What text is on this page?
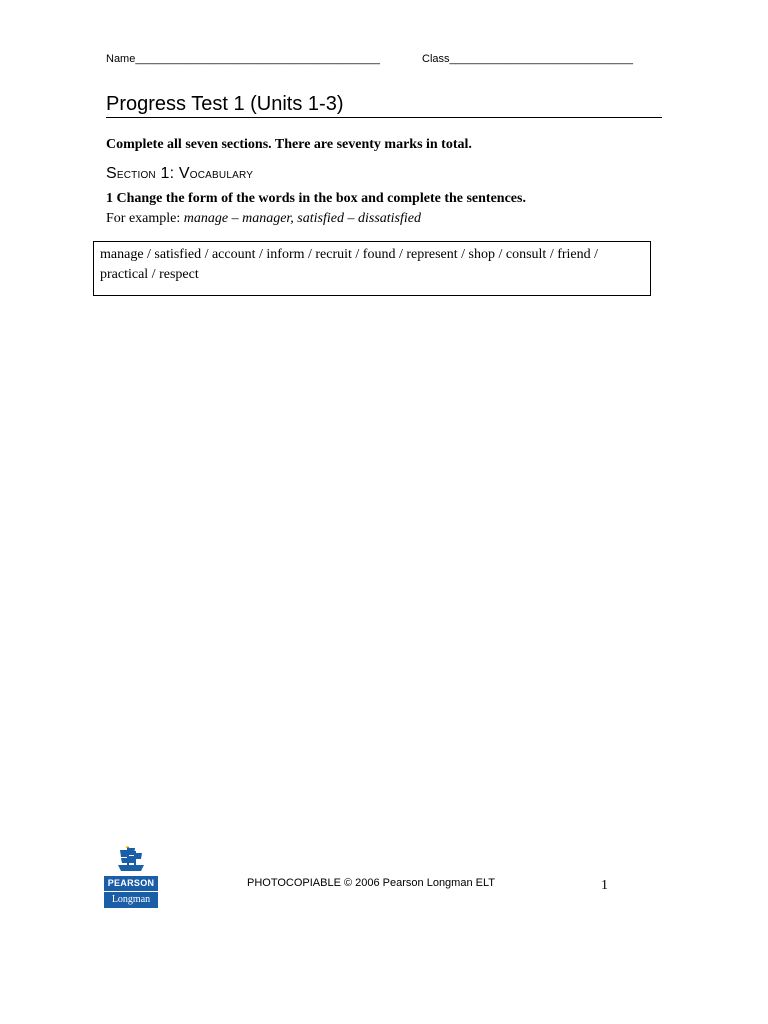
Name________________________________________	Class______________________________
Progress Test 1 (Units 1-3)
Complete all seven sections. There are seventy marks in total.
Section 1: Vocabulary
1 Change the form of the words in the box and complete the sentences.
For example: manage – manager, satisfied – dissatisfied
manage / satisfied / account / inform / recruit / found / represent / shop / consult / friend / practical / respect
PEARSON
Longman
PHOTOCOPIABLE © 2006 Pearson Longman ELT	1
